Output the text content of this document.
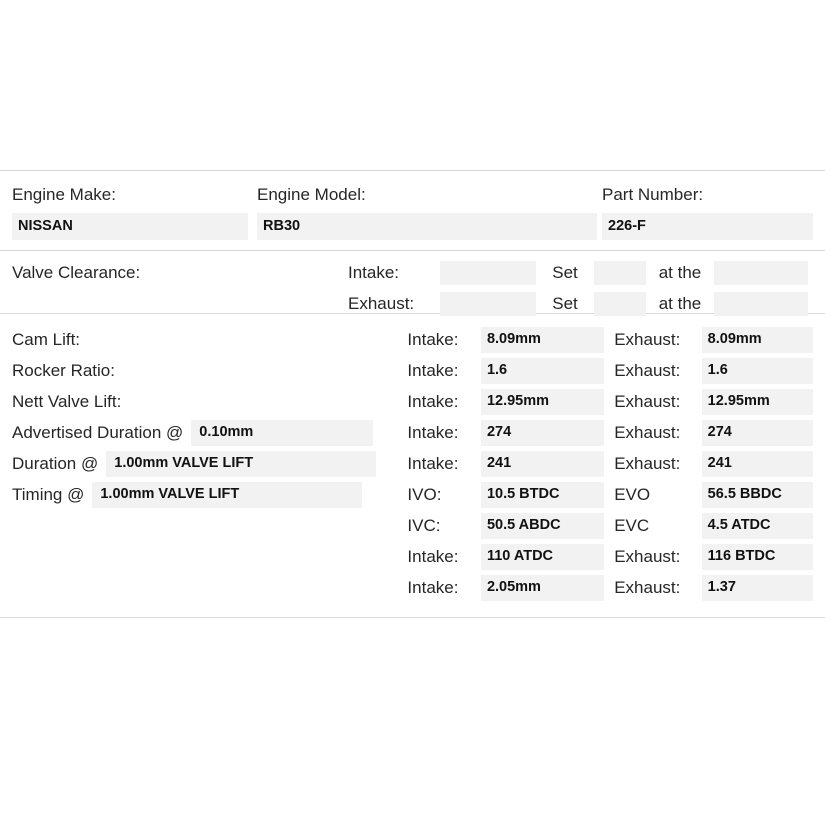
Engine Make:
NISSAN
Engine Model:
RB30
Part Number:
226-F
Valve Clearance:	Intake:	Set	at the
Exhaust:	Set	at the
Cam Lift:	Intake:	8.09mm	Exhaust:	8.09mm
Rocker Ratio:	Intake:	1.6	Exhaust:	1.6
Nett Valve Lift:	Intake:	12.95mm	Exhaust:	12.95mm
Advertised Duration @	0.10mm	Intake:	274	Exhaust:	274
Duration @	1.00mm VALVE LIFT	Intake:	241	Exhaust:	241
Timing @	1.00mm VALVE LIFT	IVO:	10.5 BTDC	EVO	56.5 BBDC
IVC:	50.5 ABDC	EVC	4.5 ATDC
Intake:	110 ATDC	Exhaust:	116 BTDC
Intake:	2.05mm	Exhaust:	1.37
